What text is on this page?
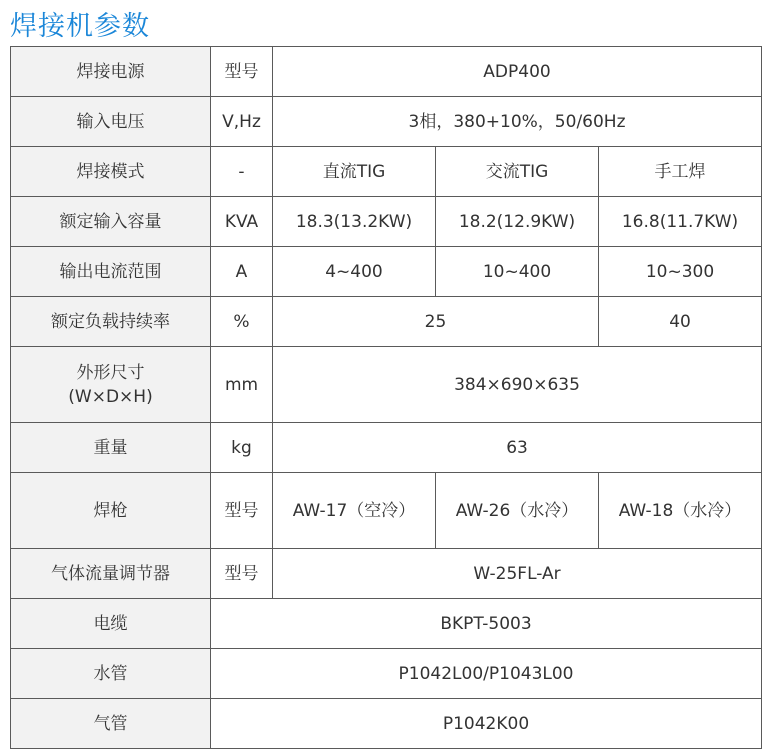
焊接机参数
焊接电源	型号	ADP400		
输入电压	V,Hz	3相，380+10%，50/60Hz		
焊接模式	-	直流TIG	交流TIG	手工焊
额定输入容量	KVA	18.3(13.2KW)	18.2(12.9KW)	16.8(11.7KW)
输出电流范围	A	4~400	10~400	10~300
额定负载持续率	%	25		40

外形尺寸
(W×D×H)	mm	384×690×635		
重量	kg	63		
焊枪	型号	AW-17（空冷）	AW-26（水冷）	AW-18（水冷）
气体流量调节器	型号	W-25FL-Ar		
电缆	BKPT-5003			
水管	P1042L00/P1043L00			
气管	P1042K00			
